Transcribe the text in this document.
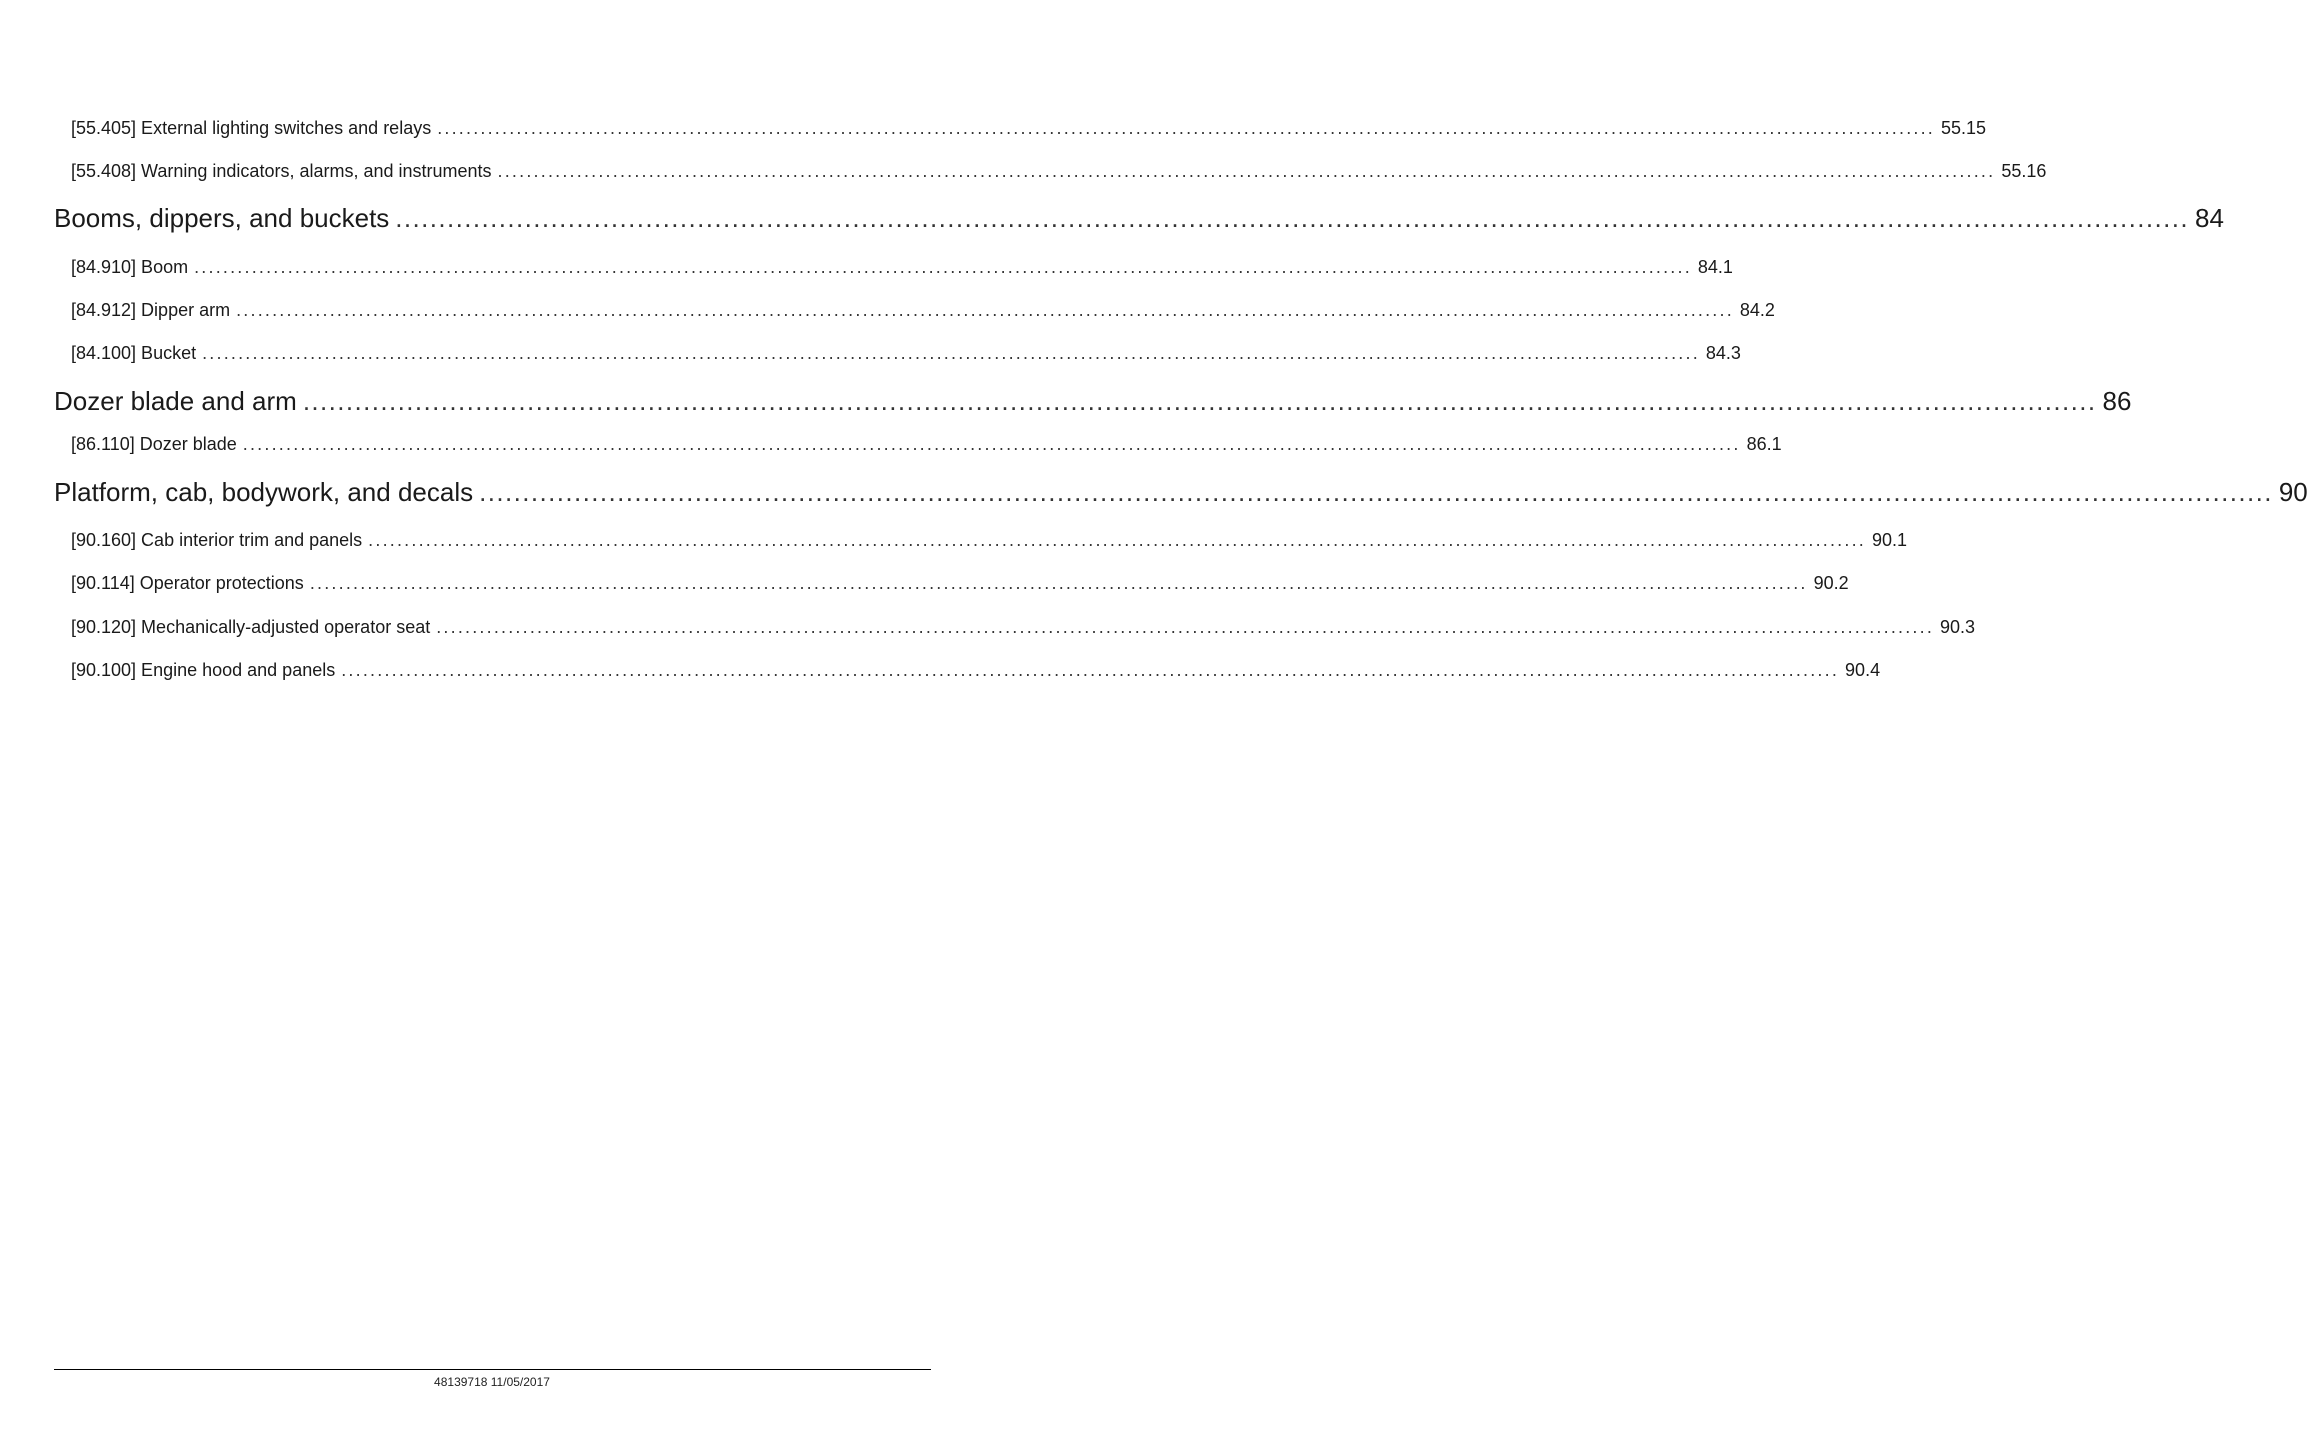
[55.405] External lighting switches and relays ................................................................................................................................................................................................................ 55.15
[55.408] Warning indicators, alarms, and instruments ................................................................................................................................................................................................................ 55.16
Booms, dippers, and buckets ................................................................................................................................................................................................................ 84
[84.910] Boom ................................................................................................................................................................................................................ 84.1
[84.912] Dipper arm ................................................................................................................................................................................................................ 84.2
[84.100] Bucket ................................................................................................................................................................................................................ 84.3
Dozer blade and arm ................................................................................................................................................................................................................ 86
[86.110] Dozer blade ................................................................................................................................................................................................................ 86.1
Platform, cab, bodywork, and decals ................................................................................................................................................................................................................ 90
[90.160] Cab interior trim and panels ................................................................................................................................................................................................................ 90.1
[90.114] Operator protections ................................................................................................................................................................................................................ 90.2
[90.120] Mechanically-adjusted operator seat ................................................................................................................................................................................................................ 90.3
[90.100] Engine hood and panels ................................................................................................................................................................................................................ 90.4
48139718 11/05/2017
